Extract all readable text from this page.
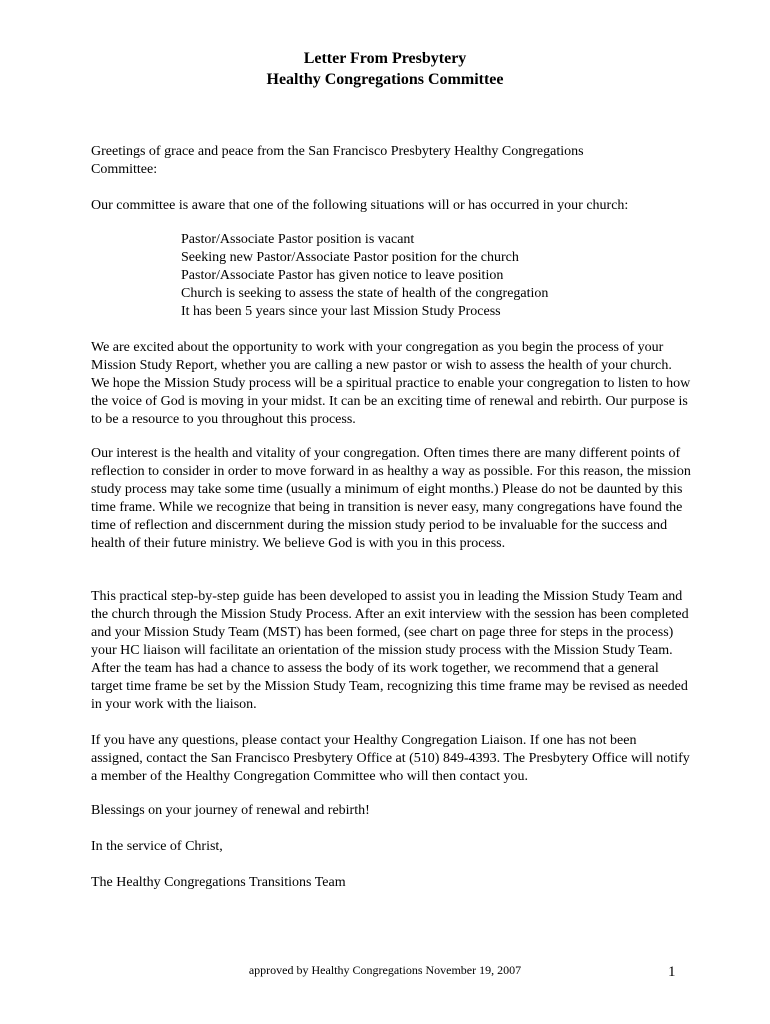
Letter From Presbytery
Healthy Congregations Committee

Greetings of grace and peace from the San Francisco Presbytery Healthy Congregations Committee:

Our committee is aware that one of the following situations will or has occurred in your church:

Pastor/Associate Pastor position is vacant
Seeking new Pastor/Associate Pastor position for the church
Pastor/Associate Pastor has given notice to leave position
Church is seeking to assess the state of health of the congregation
It has been 5 years since your last Mission Study Process

We are excited about the opportunity to work with your congregation as you begin the process of your Mission Study Report, whether you are calling a new pastor or wish to assess the health of your church. We hope the Mission Study process will be a spiritual practice to enable your congregation to listen to how the voice of God is moving in your midst. It can be an exciting time of renewal and rebirth. Our purpose is to be a resource to you throughout this process.

Our interest is the health and vitality of your congregation. Often times there are many different points of reflection to consider in order to move forward in as healthy a way as possible. For this reason, the mission study process may take some time (usually a minimum of eight months.) Please do not be daunted by this time frame. While we recognize that being in transition is never easy, many congregations have found the time of reflection and discernment during the mission study period to be invaluable for the success and health of their future ministry. We believe God is with you in this process.

This practical step-by-step guide has been developed to assist you in leading the Mission Study Team and the church through the Mission Study Process. After an exit interview with the session has been completed and your Mission Study Team (MST) has been formed, (see chart on page three for steps in the process) your HC liaison will facilitate an orientation of the mission study process with the Mission Study Team. After the team has had a chance to assess the body of its work together, we recommend that a general target time frame be set by the Mission Study Team, recognizing this time frame may be revised as needed in your work with the liaison.

If you have any questions, please contact your Healthy Congregation Liaison. If one has not been assigned, contact the San Francisco Presbytery Office at (510) 849-4393. The Presbytery Office will notify a member of the Healthy Congregation Committee who will then contact you.

Blessings on your journey of renewal and rebirth!

In the service of Christ,

The Healthy Congregations Transitions Team

approved by Healthy Congregations November 19, 2007	1
